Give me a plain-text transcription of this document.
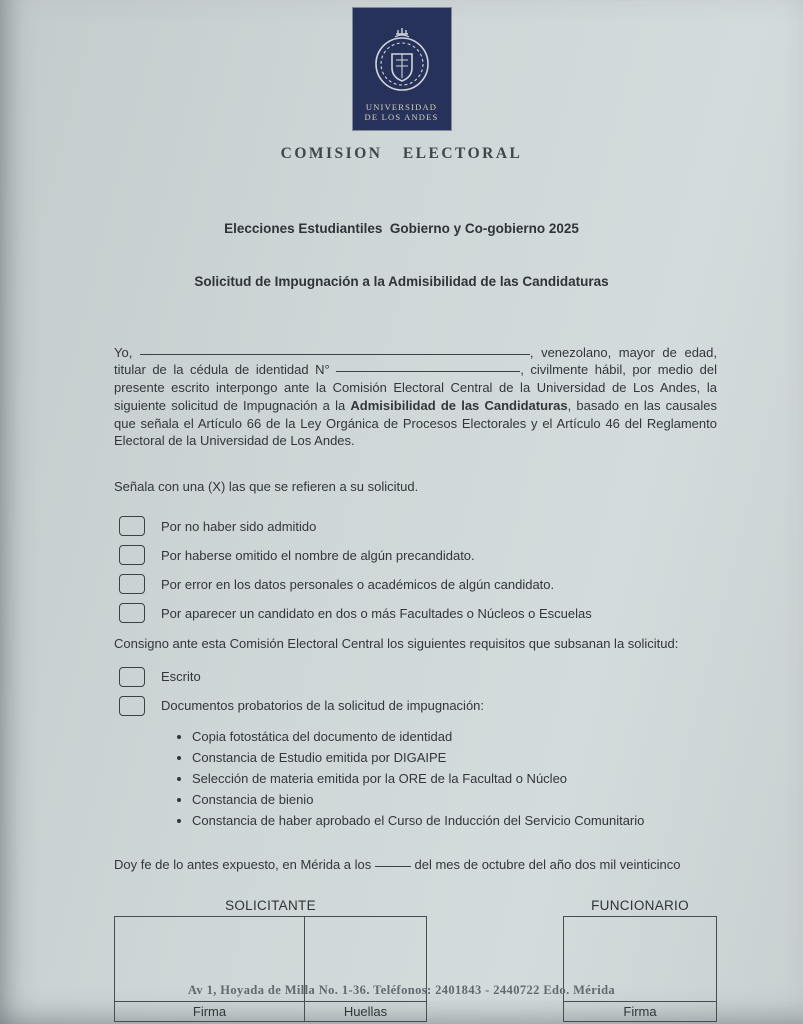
UNIVERSIDAD
DE LOS ANDES
COMISION ELECTORAL

Elecciones Estudiantiles  Gobierno y Co-gobierno 2025

Solicitud de Impugnación a la Admisibilidad de las Candidaturas

Yo,	, venezolano, mayor de edad, titular de la cédula de identidad N°	, civilmente hábil, por medio del presente escrito interpongo ante la Comisión Electoral Central de la Universidad de Los Andes, la siguiente solicitud de Impugnación a la Admisibilidad de las Candidaturas, basado en las causales que señala el Artículo 66 de la Ley Orgánica de Procesos Electorales y el Artículo 46 del Reglamento Electoral de la Universidad de Los Andes.

Señala con una (X) las que se refieren a su solicitud.

Por no haber sido admitido
Por haberse omitido el nombre de algún precandidato.
Por error en los datos personales o académicos de algún candidato.
Por aparecer un candidato en dos o más Facultades o Núcleos o Escuelas

Consigno ante esta Comisión Electoral Central los siguientes requisitos que subsanan la solicitud:

Escrito
Documentos probatorios de la solicitud de impugnación:
• Copia fotostática del documento de identidad
• Constancia de Estudio emitida por DIGAIPE
• Selección de materia emitida por la ORE de la Facultad o Núcleo
• Constancia de bienio
• Constancia de haber aprobado el Curso de Inducción del Servicio Comunitario

Doy fe de lo antes expuesto, en Mérida a los	del mes de octubre del año dos mil veinticinco

SOLICITANTE
Firma	Huellas
FUNCIONARIO
Firma
Av 1, Hoyada de Milla No. 1-36. Teléfonos: 2401843 - 2440722 Edo. Mérida
